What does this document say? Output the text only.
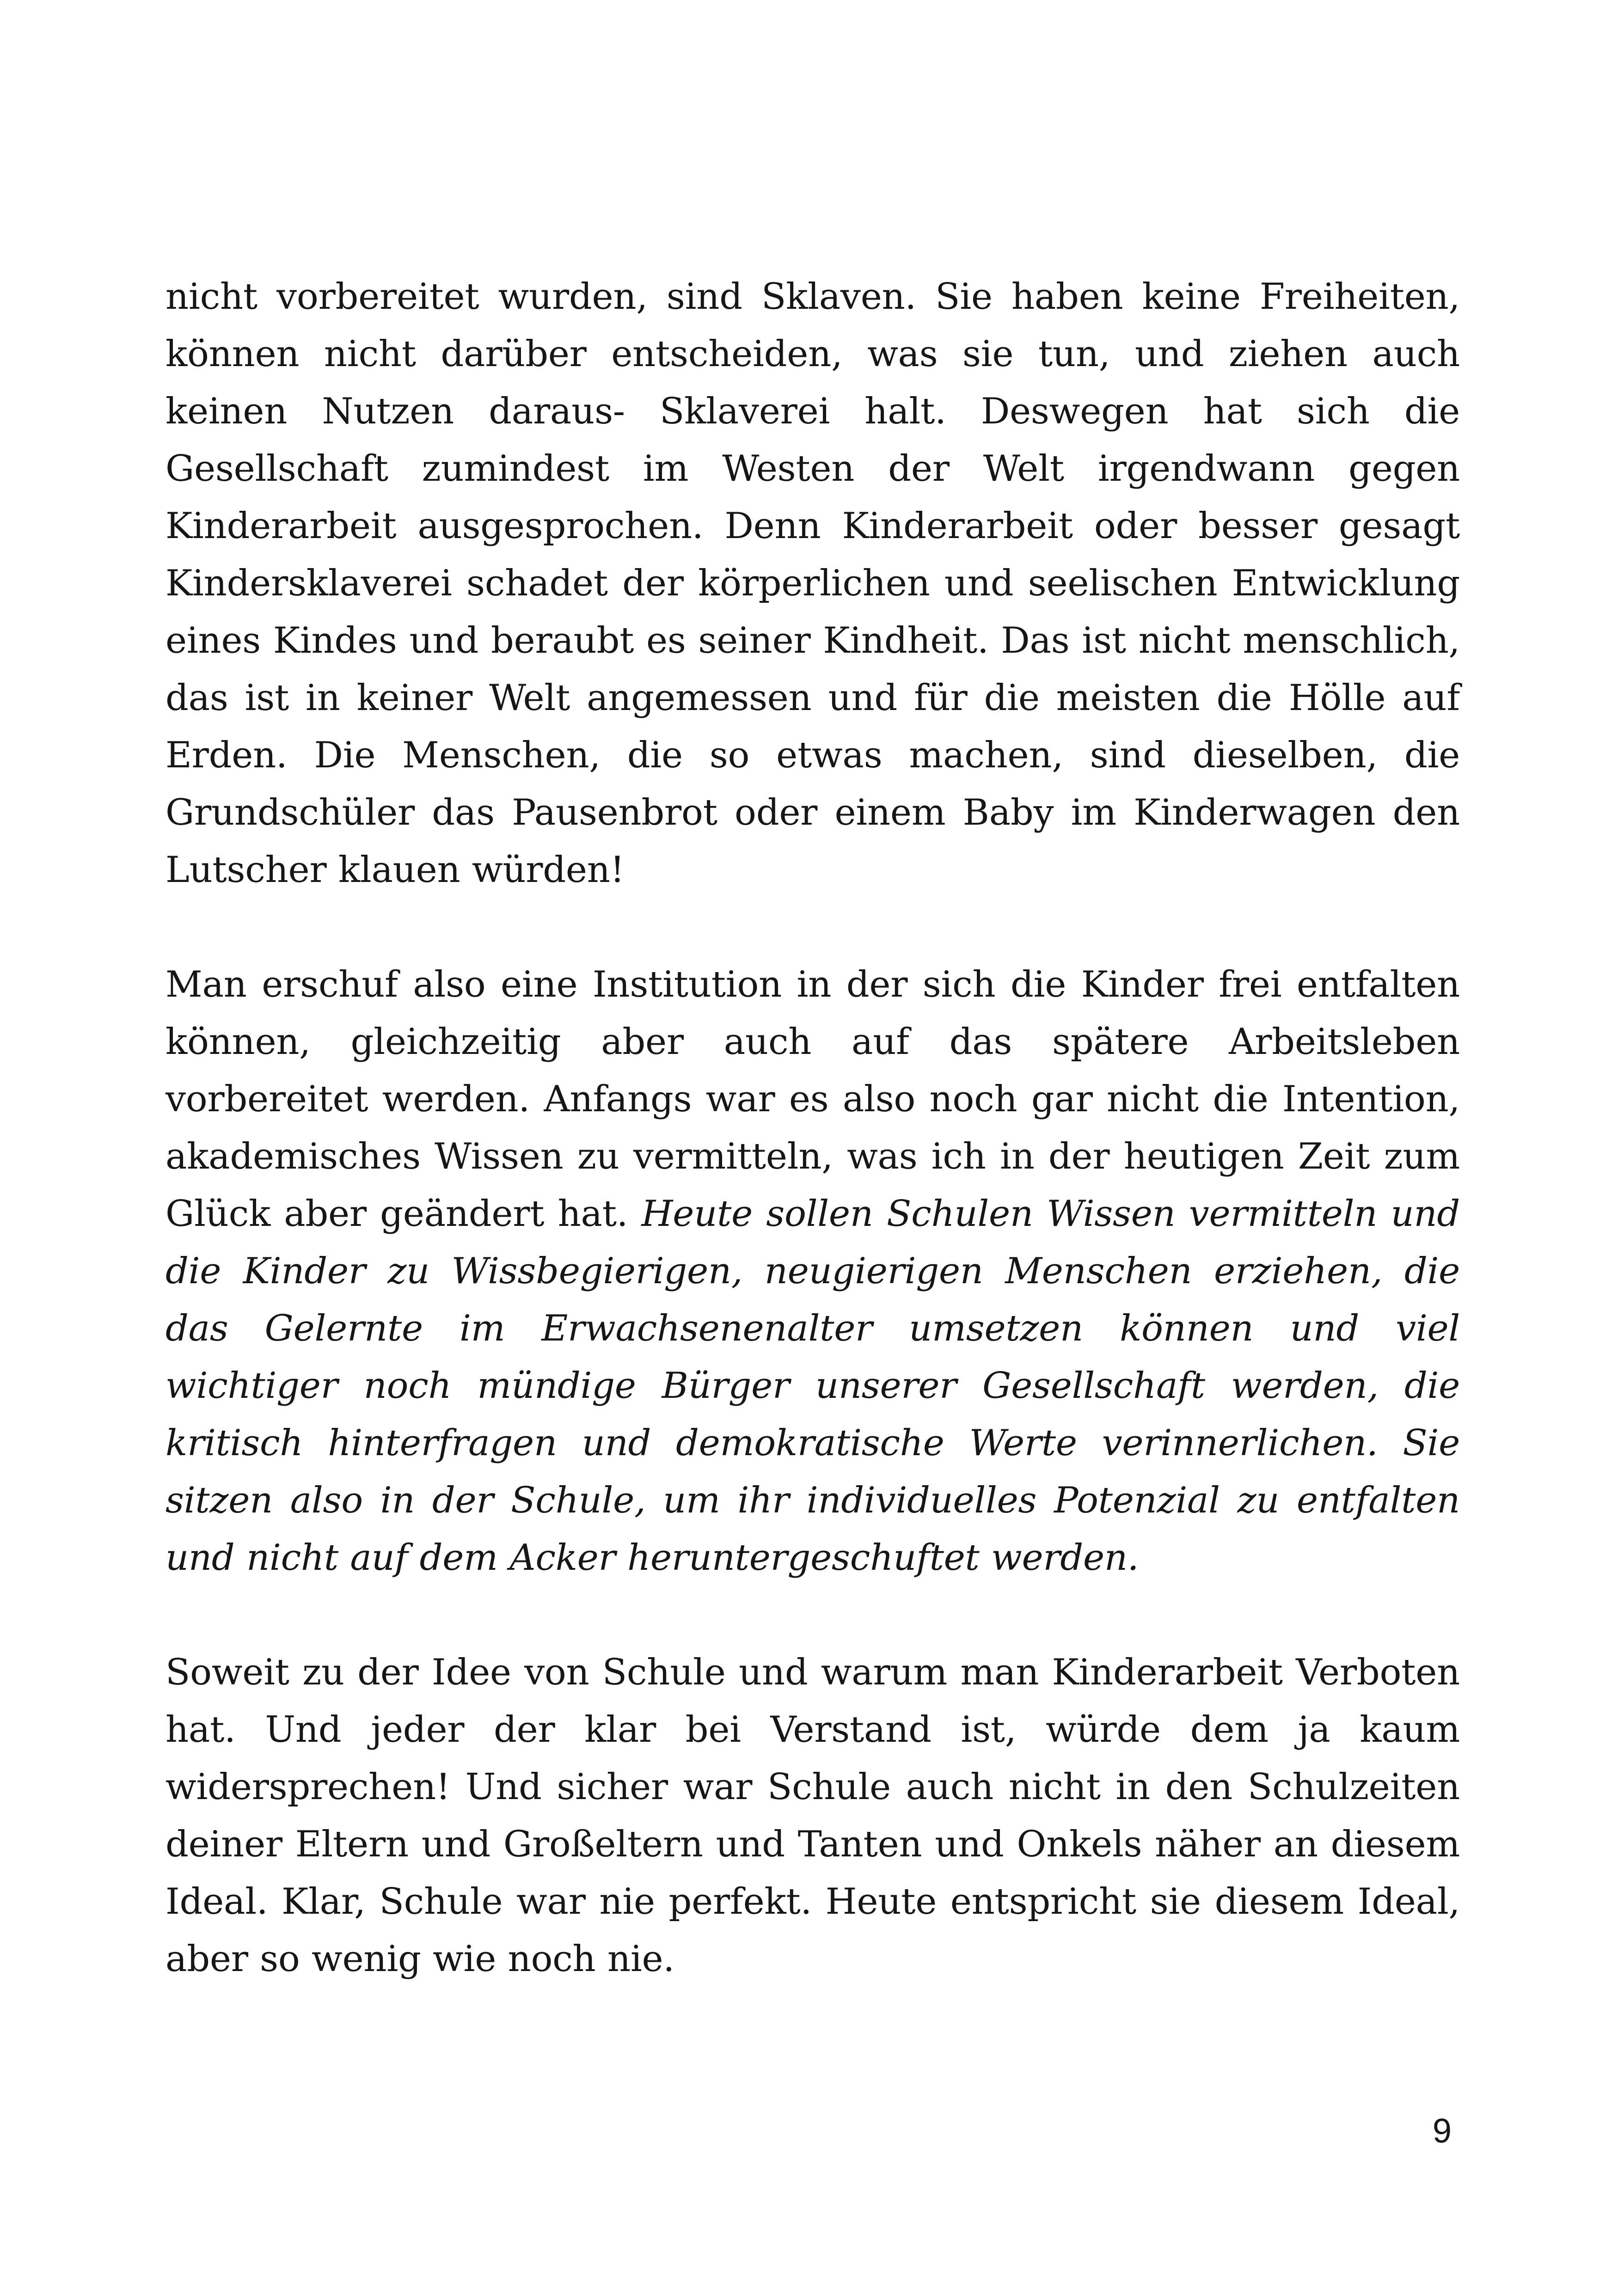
nicht vorbereitet wurden, sind Sklaven. Sie haben keine Freiheiten, können nicht darüber entscheiden, was sie tun, und ziehen auch keinen Nutzen daraus- Sklaverei halt. Deswegen hat sich die Gesellschaft zumindest im Westen der Welt irgendwann gegen Kinderarbeit ausgesprochen. Denn Kinderarbeit oder besser gesagt Kindersklaverei schadet der körperlichen und seelischen Entwicklung eines Kindes und beraubt es seiner Kindheit. Das ist nicht menschlich, das ist in keiner Welt angemessen und für die meisten die Hölle auf Erden. Die Menschen, die so etwas machen, sind dieselben, die Grundschüler das Pausenbrot oder einem Baby im Kinderwagen den Lutscher klauen würden!

Man erschuf also eine Institution in der sich die Kinder frei entfalten können, gleichzeitig aber auch auf das spätere Arbeitsleben vorbereitet werden. Anfangs war es also noch gar nicht die Intention, akademisches Wissen zu vermitteln, was ich in der heutigen Zeit zum Glück aber geändert hat. Heute sollen Schulen Wissen vermitteln und die Kinder zu Wissbegierigen, neugierigen Menschen erziehen, die das Gelernte im Erwachsenenalter umsetzen können und viel wichtiger noch mündige Bürger unserer Gesellschaft werden, die kritisch hinterfragen und demokratische Werte verinnerlichen. Sie sitzen also in der Schule, um ihr individuelles Potenzial zu entfalten und nicht auf dem Acker heruntergeschuftet werden.

Soweit zu der Idee von Schule und warum man Kinderarbeit Verboten hat. Und jeder der klar bei Verstand ist, würde dem ja kaum widersprechen! Und sicher war Schule auch nicht in den Schulzeiten deiner Eltern und Großeltern und Tanten und Onkels näher an diesem Ideal. Klar, Schule war nie perfekt. Heute entspricht sie diesem Ideal, aber so wenig wie noch nie.

9
